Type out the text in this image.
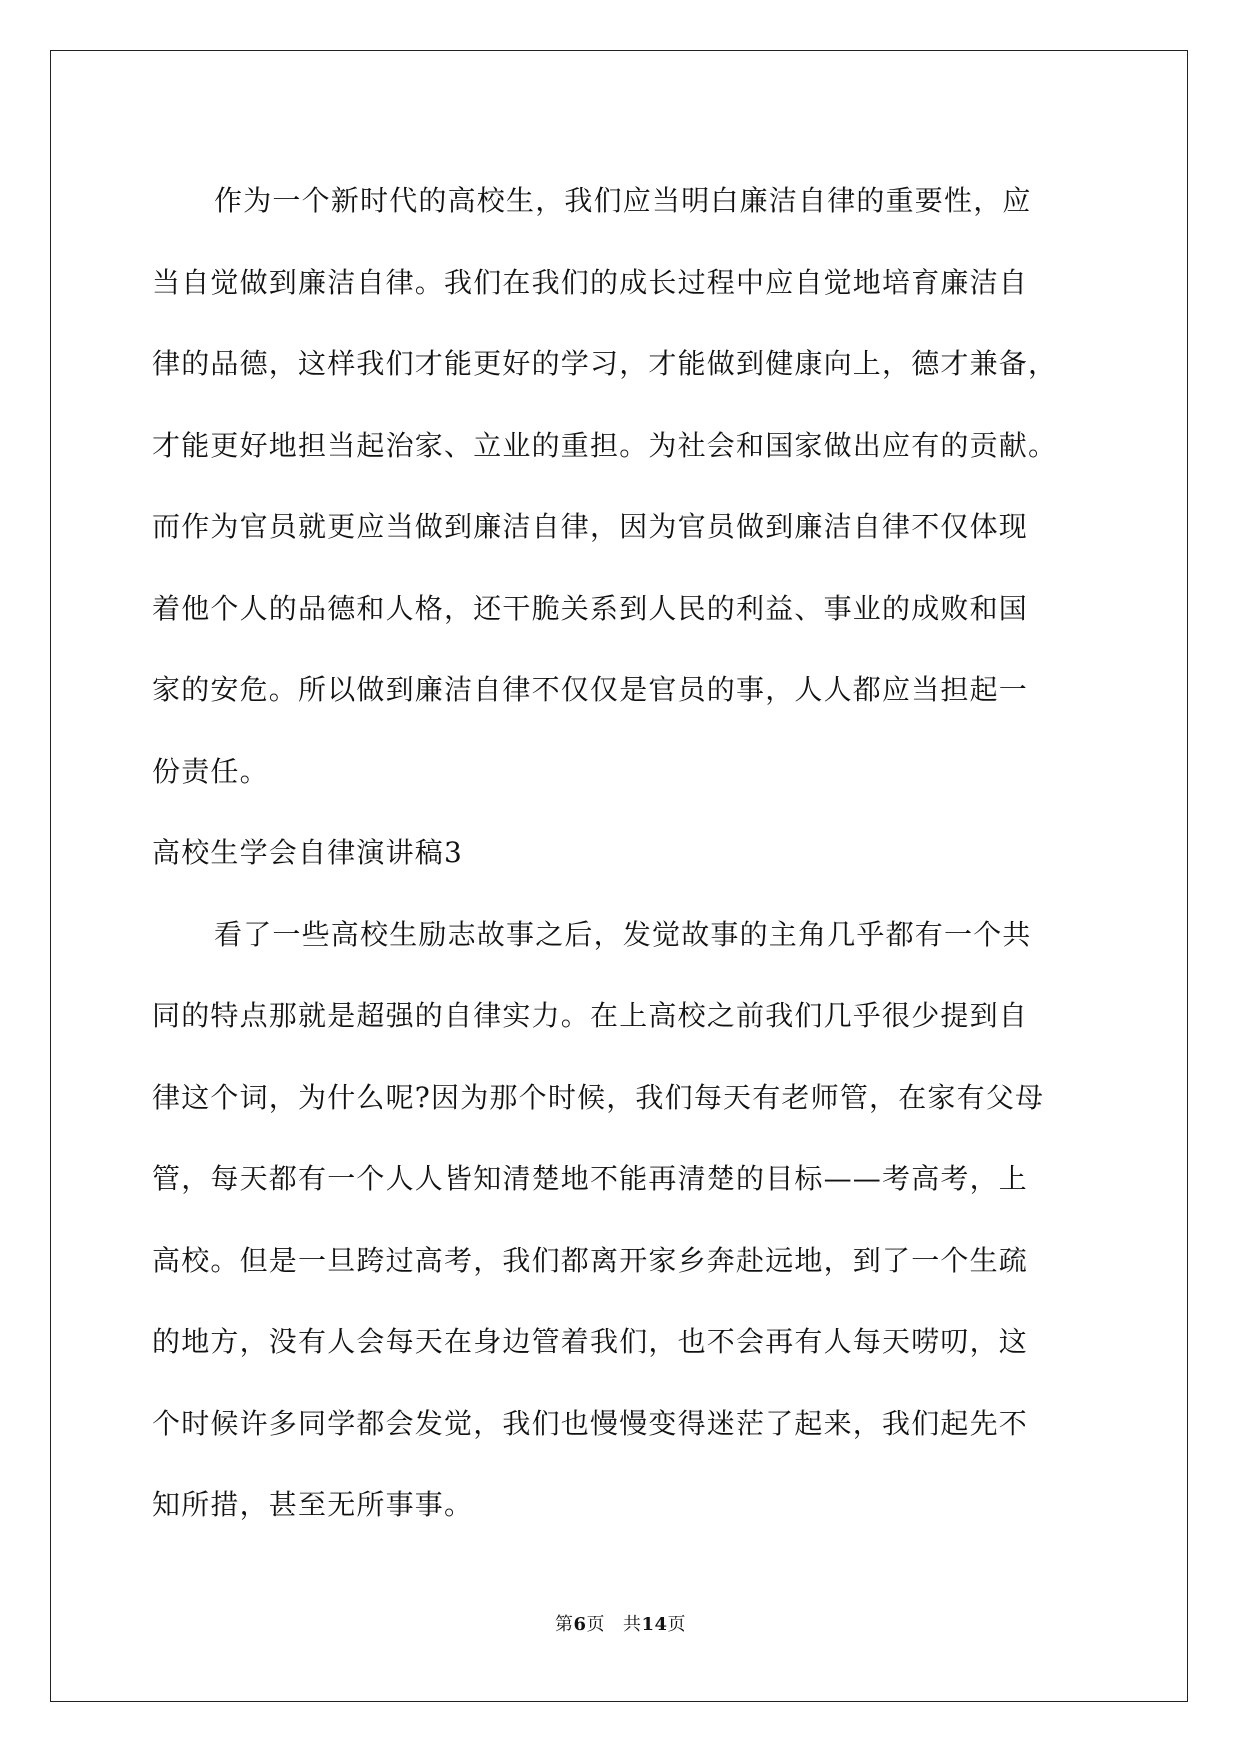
作为一个新时代的高校生，我们应当明白廉洁自律的重要性，应
当自觉做到廉洁自律。我们在我们的成长过程中应自觉地培育廉洁自
律的品德，这样我们才能更好的学习，才能做到健康向上，德才兼备，
才能更好地担当起治家、立业的重担。为社会和国家做出应有的贡献。
而作为官员就更应当做到廉洁自律，因为官员做到廉洁自律不仅体现
着他个人的品德和人格，还干脆关系到人民的利益、事业的成败和国
家的安危。所以做到廉洁自律不仅仅是官员的事，人人都应当担起一
份责任。
高校生学会自律演讲稿3
看了一些高校生励志故事之后，发觉故事的主角几乎都有一个共
同的特点那就是超强的自律实力。在上高校之前我们几乎很少提到自
律这个词，为什么呢?因为那个时候，我们每天有老师管，在家有父母
管，每天都有一个人人皆知清楚地不能再清楚的目标——考高考，上
高校。但是一旦跨过高考，我们都离开家乡奔赴远地，到了一个生疏
的地方，没有人会每天在身边管着我们，也不会再有人每天唠叨，这
个时候许多同学都会发觉，我们也慢慢变得迷茫了起来，我们起先不
知所措，甚至无所事事。
第6页 共14页
